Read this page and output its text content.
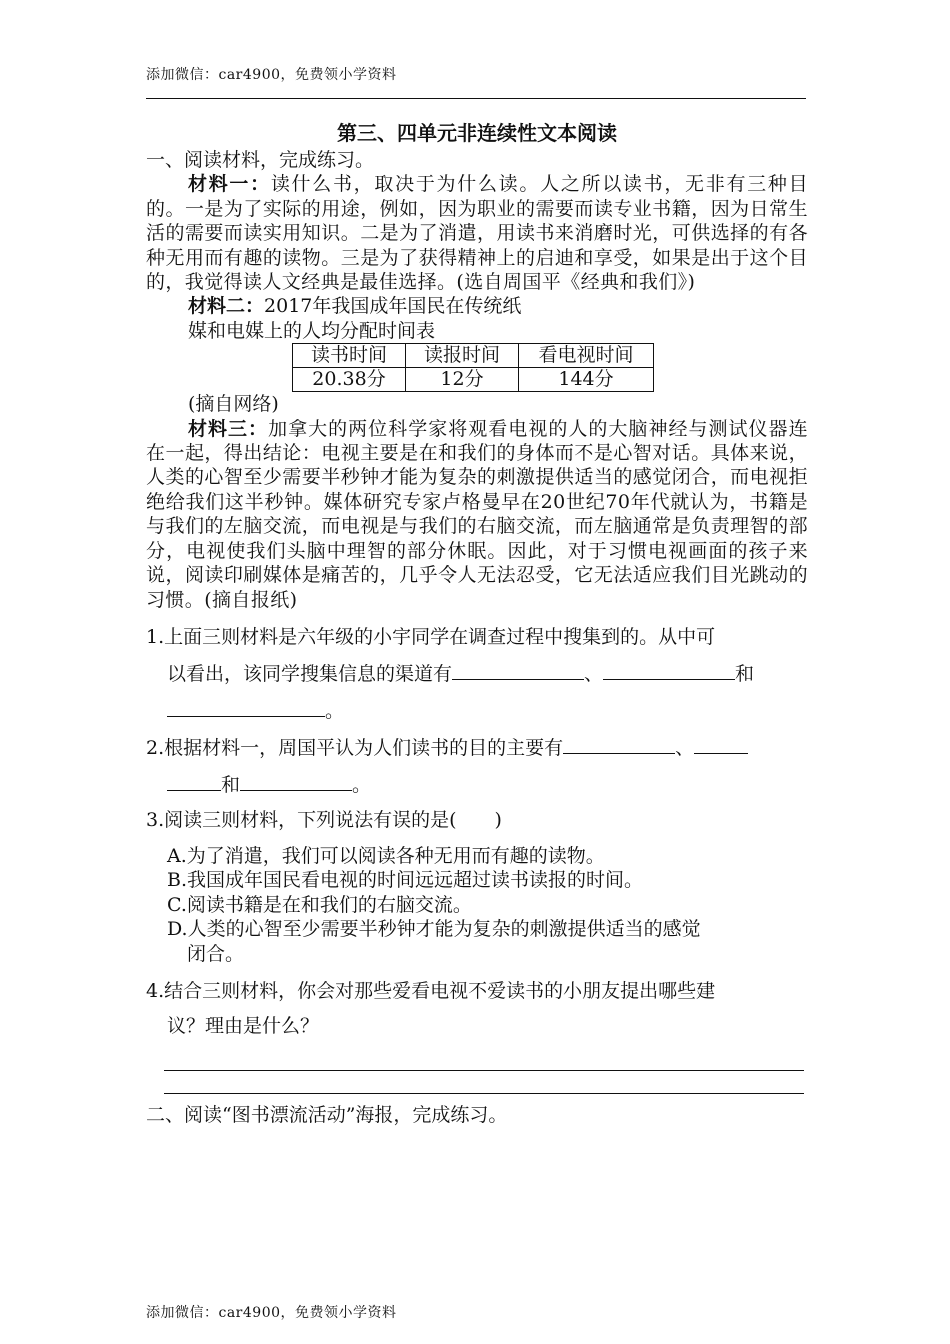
添加微信：car4900，免费领小学资料

第三、四单元非连续性文本阅读

一、阅读材料，完成练习。

材料一：读什么书，取决于为什么读。人之所以读书，无非有三种目的。一是为了实际的用途，例如，因为职业的需要而读专业书籍，因为日常生活的需要而读实用知识。二是为了消遣，用读书来消磨时光，可供选择的有各种无用而有趣的读物。三是为了获得精神上的启迪和享受，如果是出于这个目的，我觉得读人文经典是最佳选择。(选自周国平《经典和我们》)

材料二：2017年我国成年国民在传统纸

媒和电媒上的人均分配时间表

读书时间	读报时间	看电视时间
20.38分	12分	144分

(摘自网络)

材料三：加拿大的两位科学家将观看电视的人的大脑神经与测试仪器连在一起，得出结论：电视主要是在和我们的身体而不是心智对话。具体来说，人类的心智至少需要半秒钟才能为复杂的刺激提供适当的感觉闭合，而电视拒绝给我们这半秒钟。媒体研究专家卢格曼早在20世纪70年代就认为，书籍是与我们的左脑交流，而电视是与我们的右脑交流，而左脑通常是负责理智的部分，电视使我们头脑中理智的部分休眠。因此，对于习惯电视画面的孩子来说，阅读印刷媒体是痛苦的，几乎令人无法忍受，它无法适应我们目光跳动的习惯。(摘自报纸)

1.上面三则材料是六年级的小宇同学在调查过程中搜集到的。从中可

以看出，该同学搜集信息的渠道有	、	和

。

2.根据材料一，周国平认为人们读书的目的主要有	、

和	。

3.阅读三则材料，下列说法有误的是(　　)

A.为了消遣，我们可以阅读各种无用而有趣的读物。

B.我国成年国民看电视的时间远远超过读书读报的时间。

C.阅读书籍是在和我们的右脑交流。

D.人类的心智至少需要半秒钟才能为复杂的刺激提供适当的感觉

闭合。

4.结合三则材料，你会对那些爱看电视不爱读书的小朋友提出哪些建

议？理由是什么？

二、阅读“图书漂流活动”海报，完成练习。

添加微信：car4900，免费领小学资料
